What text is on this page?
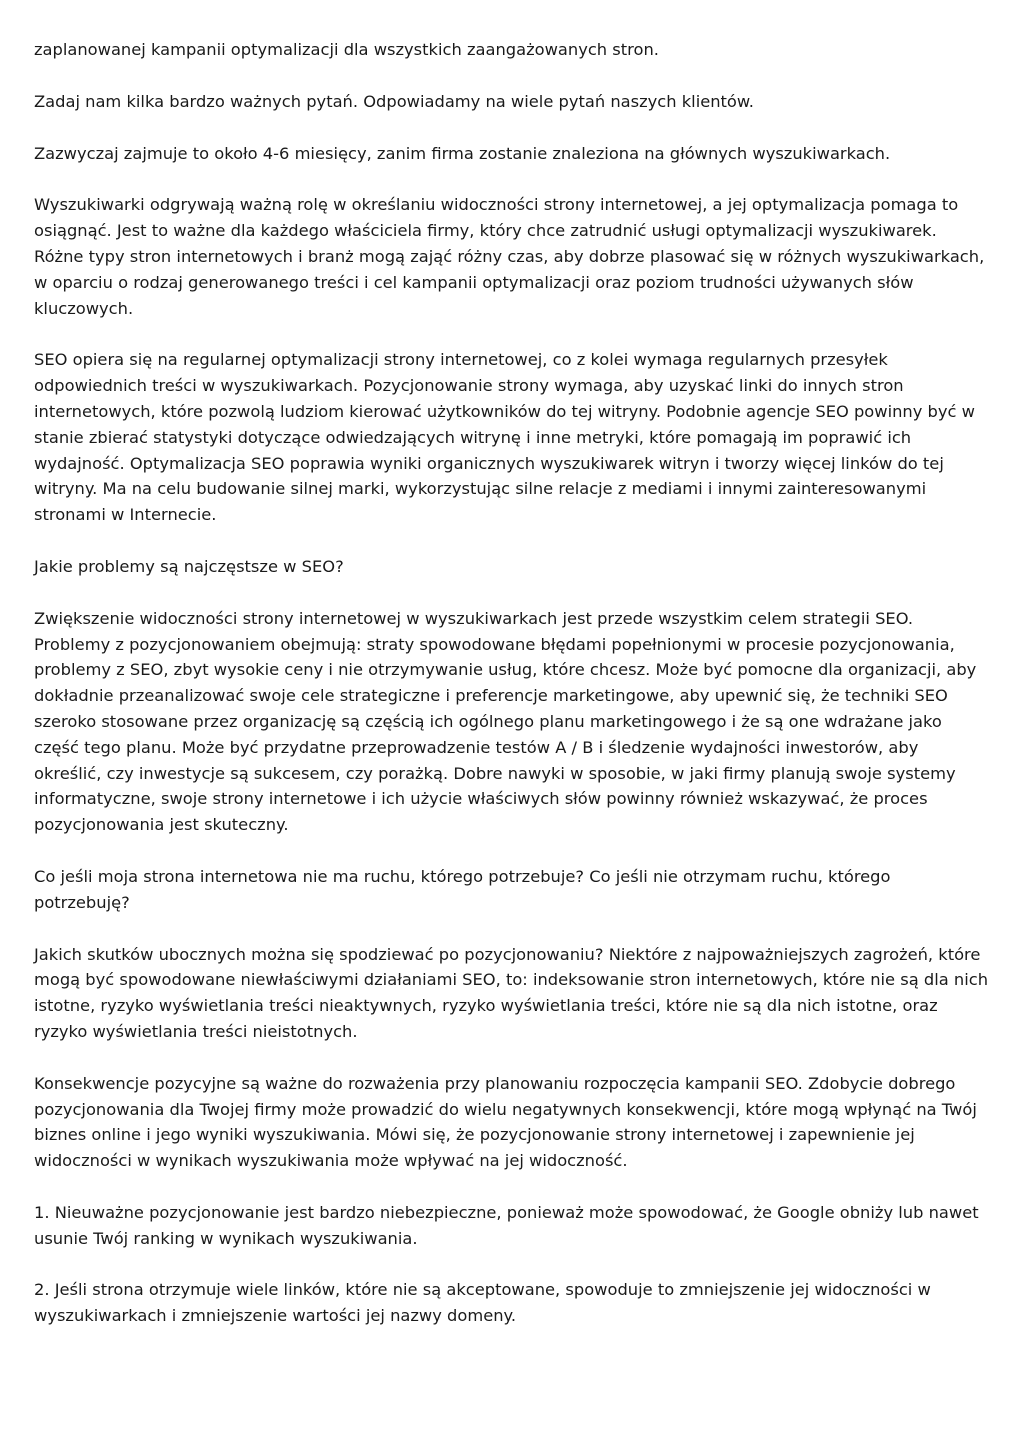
zaplanowanej kampanii optymalizacji dla wszystkich zaangażowanych stron.

Zadaj nam kilka bardzo ważnych pytań. Odpowiadamy na wiele pytań naszych klientów.

Zazwyczaj zajmuje to około 4-6 miesięcy, zanim firma zostanie znaleziona na głównych wyszukiwarkach.

Wyszukiwarki odgrywają ważną rolę w określaniu widoczności strony internetowej, a jej optymalizacja pomaga to osiągnąć. Jest to ważne dla każdego właściciela firmy, który chce zatrudnić usługi optymalizacji wyszukiwarek. Różne typy stron internetowych i branż mogą zająć różny czas, aby dobrze plasować się w różnych wyszukiwarkach, w oparciu o rodzaj generowanego treści i cel kampanii optymalizacji oraz poziom trudności używanych słów kluczowych.

SEO opiera się na regularnej optymalizacji strony internetowej, co z kolei wymaga regularnych przesyłek odpowiednich treści w wyszukiwarkach. Pozycjonowanie strony wymaga, aby uzyskać linki do innych stron internetowych, które pozwolą ludziom kierować użytkowników do tej witryny. Podobnie agencje SEO powinny być w stanie zbierać statystyki dotyczące odwiedzających witrynę i inne metryki, które pomagają im poprawić ich wydajność. Optymalizacja SEO poprawia wyniki organicznych wyszukiwarek witryn i tworzy więcej linków do tej witryny. Ma na celu budowanie silnej marki, wykorzystując silne relacje z mediami i innymi zainteresowanymi stronami w Internecie.

Jakie problemy są najczęstsze w SEO?

Zwiększenie widoczności strony internetowej w wyszukiwarkach jest przede wszystkim celem strategii SEO. Problemy z pozycjonowaniem obejmują: straty spowodowane błędami popełnionymi w procesie pozycjonowania, problemy z SEO, zbyt wysokie ceny i nie otrzymywanie usług, które chcesz. Może być pomocne dla organizacji, aby dokładnie przeanalizować swoje cele strategiczne i preferencje marketingowe, aby upewnić się, że techniki SEO szeroko stosowane przez organizację są częścią ich ogólnego planu marketingowego i że są one wdrażane jako część tego planu. Może być przydatne przeprowadzenie testów A / B i śledzenie wydajności inwestorów, aby określić, czy inwestycje są sukcesem, czy porażką. Dobre nawyki w sposobie, w jaki firmy planują swoje systemy informatyczne, swoje strony internetowe i ich użycie właściwych słów powinny również wskazywać, że proces pozycjonowania jest skuteczny.

Co jeśli moja strona internetowa nie ma ruchu, którego potrzebuje? Co jeśli nie otrzymam ruchu, którego potrzebuję?

Jakich skutków ubocznych można się spodziewać po pozycjonowaniu? Niektóre z najpoważniejszych zagrożeń, które mogą być spowodowane niewłaściwymi działaniami SEO, to: indeksowanie stron internetowych, które nie są dla nich istotne, ryzyko wyświetlania treści nieaktywnych, ryzyko wyświetlania treści, które nie są dla nich istotne, oraz ryzyko wyświetlania treści nieistotnych.

Konsekwencje pozycyjne są ważne do rozważenia przy planowaniu rozpoczęcia kampanii SEO. Zdobycie dobrego pozycjonowania dla Twojej firmy może prowadzić do wielu negatywnych konsekwencji, które mogą wpłynąć na Twój biznes online i jego wyniki wyszukiwania. Mówi się, że pozycjonowanie strony internetowej i zapewnienie jej widoczności w wynikach wyszukiwania może wpływać na jej widoczność.

1. Nieuważne pozycjonowanie jest bardzo niebezpieczne, ponieważ może spowodować, że Google obniży lub nawet usunie Twój ranking w wynikach wyszukiwania.

2. Jeśli strona otrzymuje wiele linków, które nie są akceptowane, spowoduje to zmniejszenie jej widoczności w wyszukiwarkach i zmniejszenie wartości jej nazwy domeny.
